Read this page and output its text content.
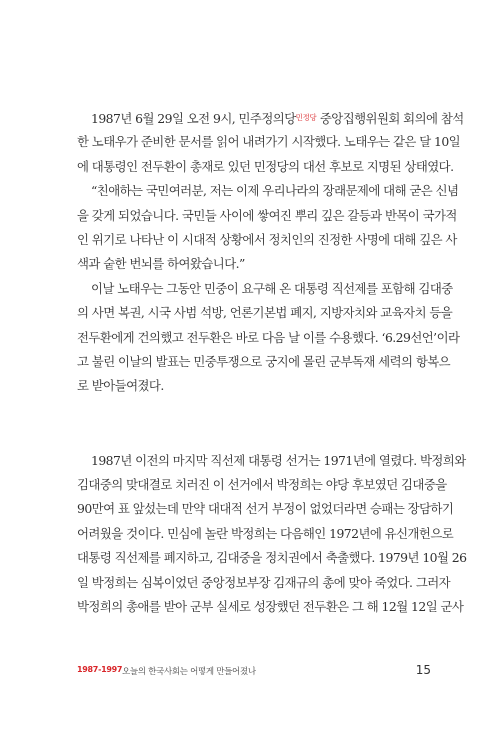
1987년 6월 29일 오전 9시, 민주정의당$^{민정당}$ 중앙집행위원회 회의에 참석
한 노태우가 준비한 문서를 읽어 내려가기 시작했다. 노태우는 같은 달 10일
에 대통령인 전두환이 총재로 있던 민정당의 대선 후보로 지명된 상태였다.
“친애하는 국민여러분, 저는 이제 우리나라의 장래문제에 대해 굳은 신념
을 갖게 되었습니다. 국민들 사이에 쌓여진 뿌리 깊은 갈등과 반목이 국가적
인 위기로 나타난 이 시대적 상황에서 정치인의 진정한 사명에 대해 깊은 사
색과 숱한 번뇌를 하여왔습니다.”
이날 노태우는 그동안 민중이 요구해 온 대통령 직선제를 포함해 김대중
의 사면 복권, 시국 사범 석방, 언론기본법 폐지, 지방자치와 교육자치 등을
전두환에게 건의했고 전두환은 바로 다음 날 이를 수용했다. ‘6.29선언’이라
고 불린 이날의 발표는 민중투쟁으로 궁지에 몰린 군부독재 세력의 항복으
로 받아들여졌다.
1987년 이전의 마지막 직선제 대통령 선거는 1971년에 열렸다. 박정희와
김대중의 맞대결로 치러진 이 선거에서 박정희는 야당 후보였던 김대중을
90만여 표 앞섰는데 만약 대대적 선거 부정이 없었더라면 승패는 장담하기
어려웠을 것이다. 민심에 놀란 박정희는 다음해인 1972년에 유신개헌으로
대통령 직선제를 폐지하고, 김대중을 정치권에서 축출했다. 1979년 10월 26
일 박정희는 심복이었던 중앙정보부장 김재규의 총에 맞아 죽었다. 그러자
박정희의 총애를 받아 군부 실세로 성장했던 전두환은 그 해 12월 12일 군사
1987-1997 오늘의 한국사회는 어떻게 만들어졌나	15
